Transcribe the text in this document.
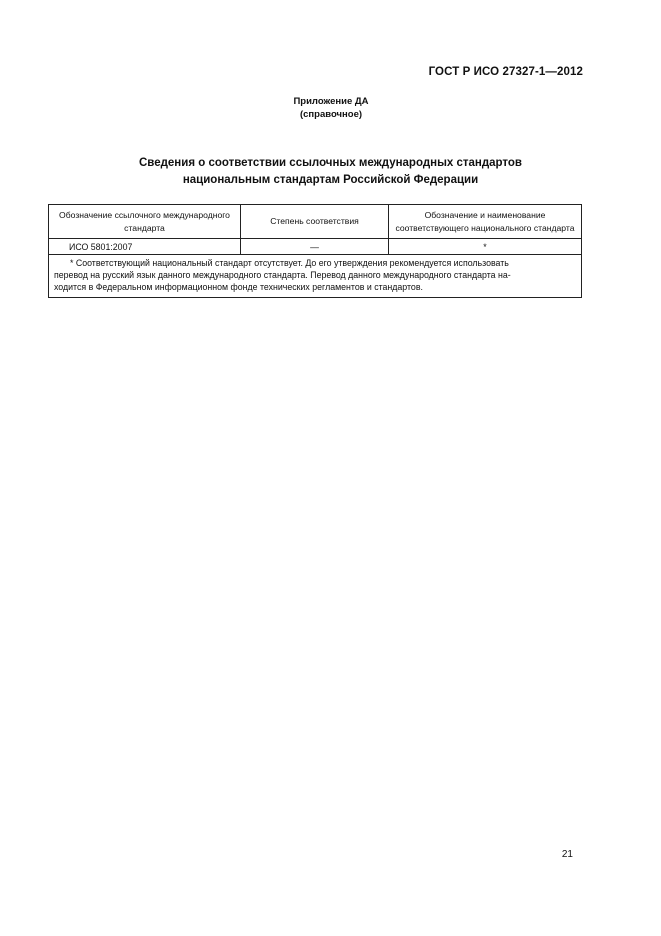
ГОСТ Р ИСО 27327-1—2012
Приложение ДА
(справочное)
Сведения о соответствии ссылочных международных стандартов
национальным стандартам Российской Федерации
Обозначение ссылочного международного
стандарта	Степень соответствия	Обозначение и наименование
соответствующего национального стандарта

ИСО 5801:2007	—	*

* Соответствующий национальный стандарт отсутствует. До его утверждения рекомендуется использовать
перевод на русский язык данного международного стандарта. Перевод данного международного стандарта на-
ходится в Федеральном информационном фонде технических регламентов и стандартов.		
21
